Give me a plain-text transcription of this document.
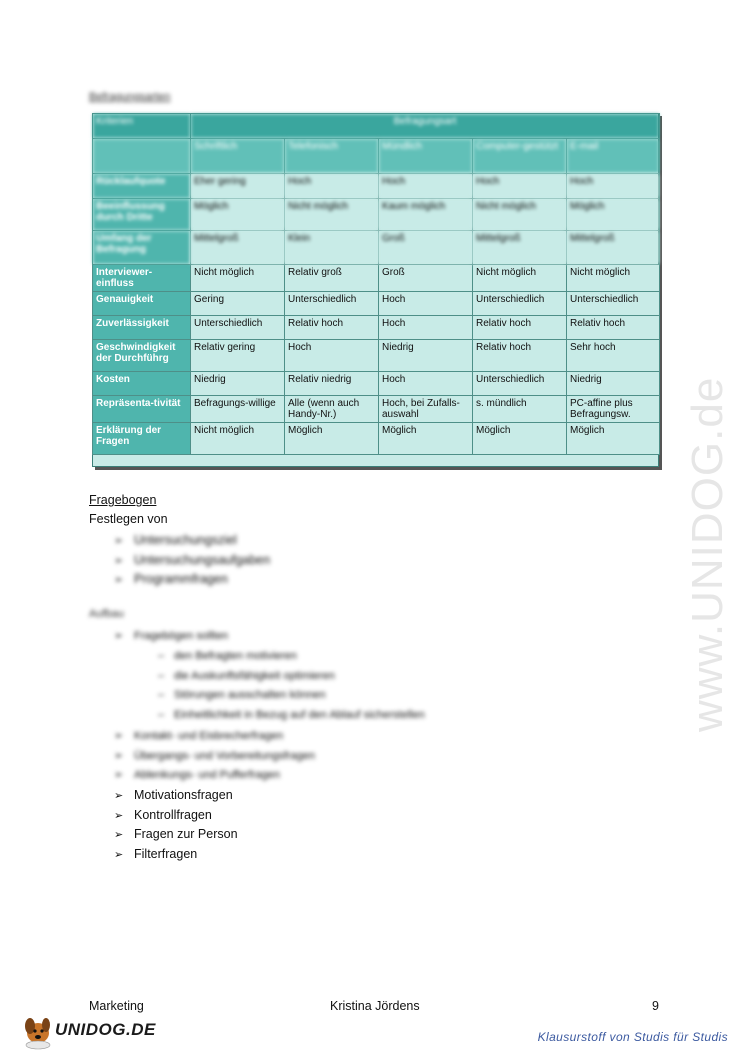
www.UNIDOG.de
Befragungsarten
Kriterien	Befragungsart				
	Schriftlich	Telefonisch	Mündlich	Computer-gestützt	E-mail
Rücklaufquote	Eher gering	Hoch	Hoch	Hoch	Hoch
Beeinflussung durch Dritte	Möglich	Nicht möglich	Kaum möglich	Nicht möglich	Möglich
Umfang der Befragung	Mittelgroß	Klein	Groß	Mittelgroß	Mittelgroß
Interviewer-einfluss	Nicht möglich	Relativ groß	Groß	Nicht möglich	Nicht möglich
Genauigkeit	Gering	Unterschiedlich	Hoch	Unterschiedlich	Unterschiedlich
Zuverlässigkeit	Unterschiedlich	Relativ hoch	Hoch	Relativ hoch	Relativ hoch
Geschwindigkeit der Durchführg	Relativ gering	Hoch	Niedrig	Relativ hoch	Sehr hoch
Kosten	Niedrig	Relativ niedrig	Hoch	Unterschiedlich	Niedrig
Repräsenta-tivität	Befragungs-willige	Alle (wenn auch Handy-Nr.)	Hoch, bei Zufalls-auswahl	s. mündlich	PC-affine plus Befragungsw.
Erklärung der Fragen	Nicht möglich	Möglich	Möglich	Möglich	Möglich
Fragebogen
Festlegen von
➢ Untersuchungsziel
➢ Untersuchungsaufgaben
➢ Programmfragen
Aufbau
➢ Fragebögen sollten
– den Befragten motivieren
– die Auskunftsfähigkeit optimieren
– Störungen ausschalten können
– Einheitlichkeit in Bezug auf den Ablauf sicherstellen
➢ Kontakt- und Eisbrecherfragen
➢ Übergangs- und Vorbereitungsfragen
➢ Ablenkungs- und Pufferfragen
➢ Motivationsfragen
➢ Kontrollfragen
➢ Fragen zur Person
➢ Filterfragen
Marketing	Kristina Jördens	9
UNIDOG.DE	Klausurstoff von Studis für Studis
